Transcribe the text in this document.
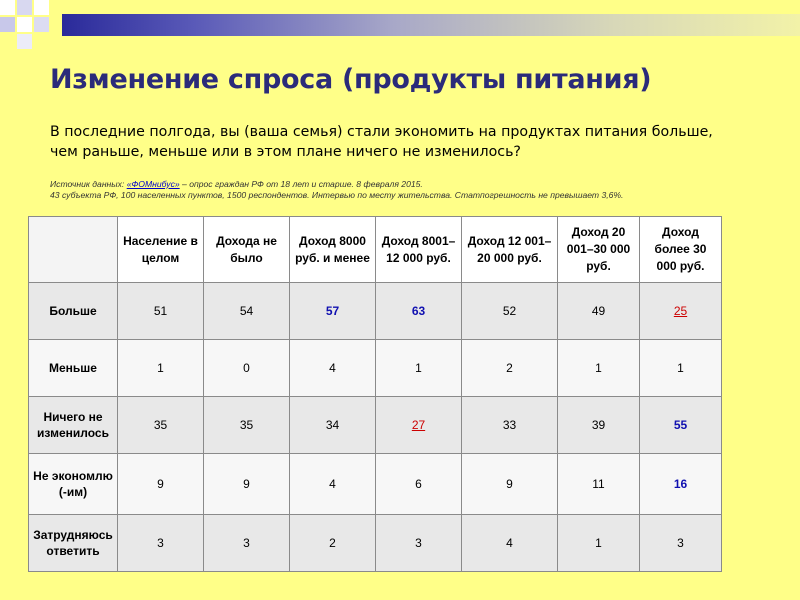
Изменение спроса (продукты питания)

В последние полгода, вы (ваша семья) стали экономить на продуктах питания больше, чем раньше, меньше или в этом плане ничего не изменилось?

Источник данных: «ФОМнибус» – опрос граждан РФ от 18 лет и старше. 8 февраля 2015.
43 субъекта РФ, 100 населенных пунктов, 1500 респондентов. Интервью по месту жительства. Статпогрешность не превышает 3,6%.

	Население в целом	Дохода не было	Доход 8000 руб. и менее	Доход 8001–12 000 руб.	Доход 12 001–20 000 руб.	Доход 20 001–30 000 руб.	Доход более 30 000 руб.
Больше	51	54	57	63	52	49	25
Меньше	1	0	4	1	2	1	1
Ничего не изменилось	35	35	34	27	33	39	55
Не экономлю (-им)	9	9	4	6	9	11	16
Затрудняюсь ответить	3	3	2	3	4	1	3
